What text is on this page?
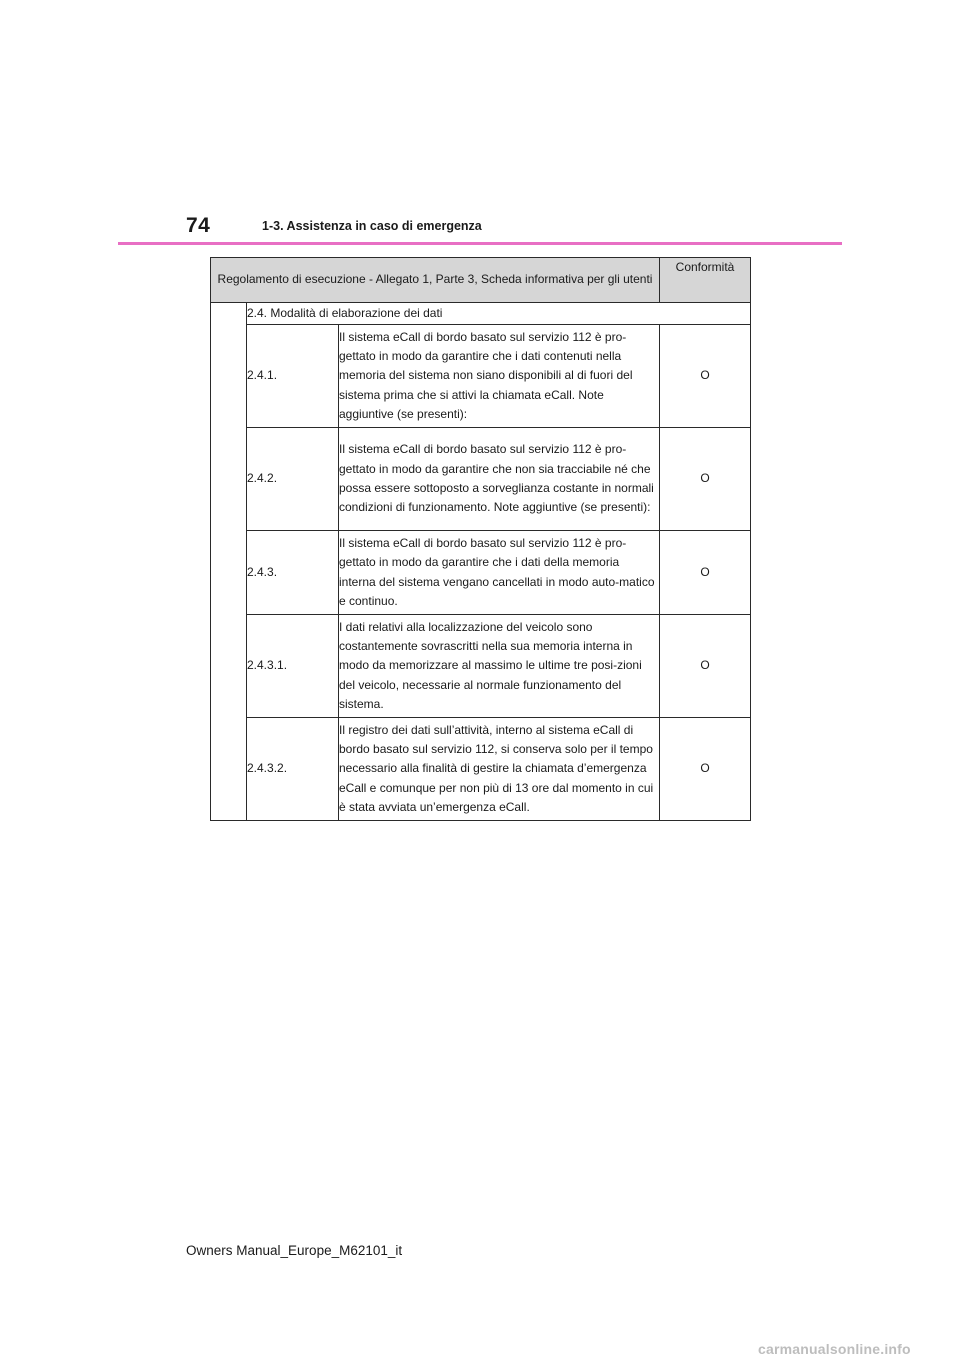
74	1-3. Assistenza in caso di emergenza
Regolamento di esecuzione - Allegato 1, Parte 3, Scheda informativa per gli utenti			Conformità
	2.4. Modalità di elaborazione dei dati		
	2.4.1.	Il sistema eCall di bordo basato sul servizio 112 è pro-gettato in modo da garantire che i dati contenuti nella memoria del sistema non siano disponibili al di fuori del sistema prima che si attivi la chiamata eCall. Note aggiuntive (se presenti):	O
	2.4.2.	Il sistema eCall di bordo basato sul servizio 112 è pro-gettato in modo da garantire che non sia tracciabile né che possa essere sottoposto a sorveglianza costante in normali condizioni di funzionamento. Note aggiuntive (se presenti):	O
	2.4.3.	Il sistema eCall di bordo basato sul servizio 112 è pro-gettato in modo da garantire che i dati della memoria interna del sistema vengano cancellati in modo auto-matico e continuo.	O
	2.4.3.1.	I dati relativi alla localizzazione del veicolo sono costantemente sovrascritti nella sua memoria interna in modo da memorizzare al massimo le ultime tre posi-zioni del veicolo, necessarie al normale funzionamento del sistema.	O
	2.4.3.2.	Il registro dei dati sull’attività, interno al sistema eCall di bordo basato sul servizio 112, si conserva solo per il tempo necessario alla finalità di gestire la chiamata d’emergenza eCall e comunque per non più di 13 ore dal momento in cui è stata avviata un’emergenza eCall.	O
Owners Manual_Europe_M62101_it
carmanualsonline.info
